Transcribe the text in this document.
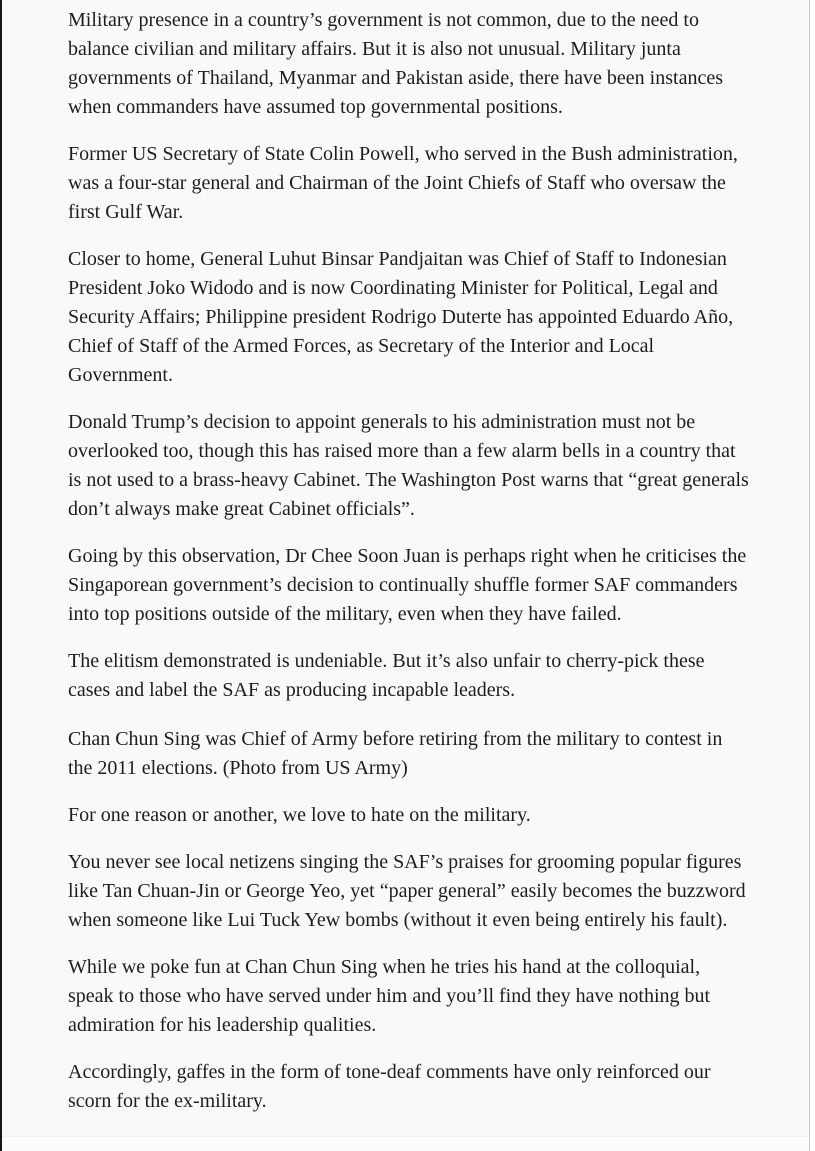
Military presence in a country’s government is not common, due to the need to balance civilian and military affairs. But it is also not unusual. Military junta governments of Thailand, Myanmar and Pakistan aside, there have been instances when commanders have assumed top governmental positions.

Former US Secretary of State Colin Powell, who served in the Bush administration, was a four-star general and Chairman of the Joint Chiefs of Staff who oversaw the first Gulf War.

Closer to home, General Luhut Binsar Pandjaitan was Chief of Staff to Indonesian President Joko Widodo and is now Coordinating Minister for Political, Legal and Security Affairs; Philippine president Rodrigo Duterte has appointed Eduardo Año, Chief of Staff of the Armed Forces, as Secretary of the Interior and Local Government.

Donald Trump’s decision to appoint generals to his administration must not be overlooked too, though this has raised more than a few alarm bells in a country that is not used to a brass-heavy Cabinet. The Washington Post warns that “great generals don’t always make great Cabinet officials”.

Going by this observation, Dr Chee Soon Juan is perhaps right when he criticises the Singaporean government’s decision to continually shuffle former SAF commanders into top positions outside of the military, even when they have failed.

The elitism demonstrated is undeniable. But it’s also unfair to cherry-pick these cases and label the SAF as producing incapable leaders.

Chan Chun Sing was Chief of Army before retiring from the military to contest in the 2011 elections. (Photo from US Army)

For one reason or another, we love to hate on the military.

You never see local netizens singing the SAF’s praises for grooming popular figures like Tan Chuan-Jin or George Yeo, yet “paper general” easily becomes the buzzword when someone like Lui Tuck Yew bombs (without it even being entirely his fault).

While we poke fun at Chan Chun Sing when he tries his hand at the colloquial, speak to those who have served under him and you’ll find they have nothing but admiration for his leadership qualities.

Accordingly, gaffes in the form of tone-deaf comments have only reinforced our scorn for the ex-military.
